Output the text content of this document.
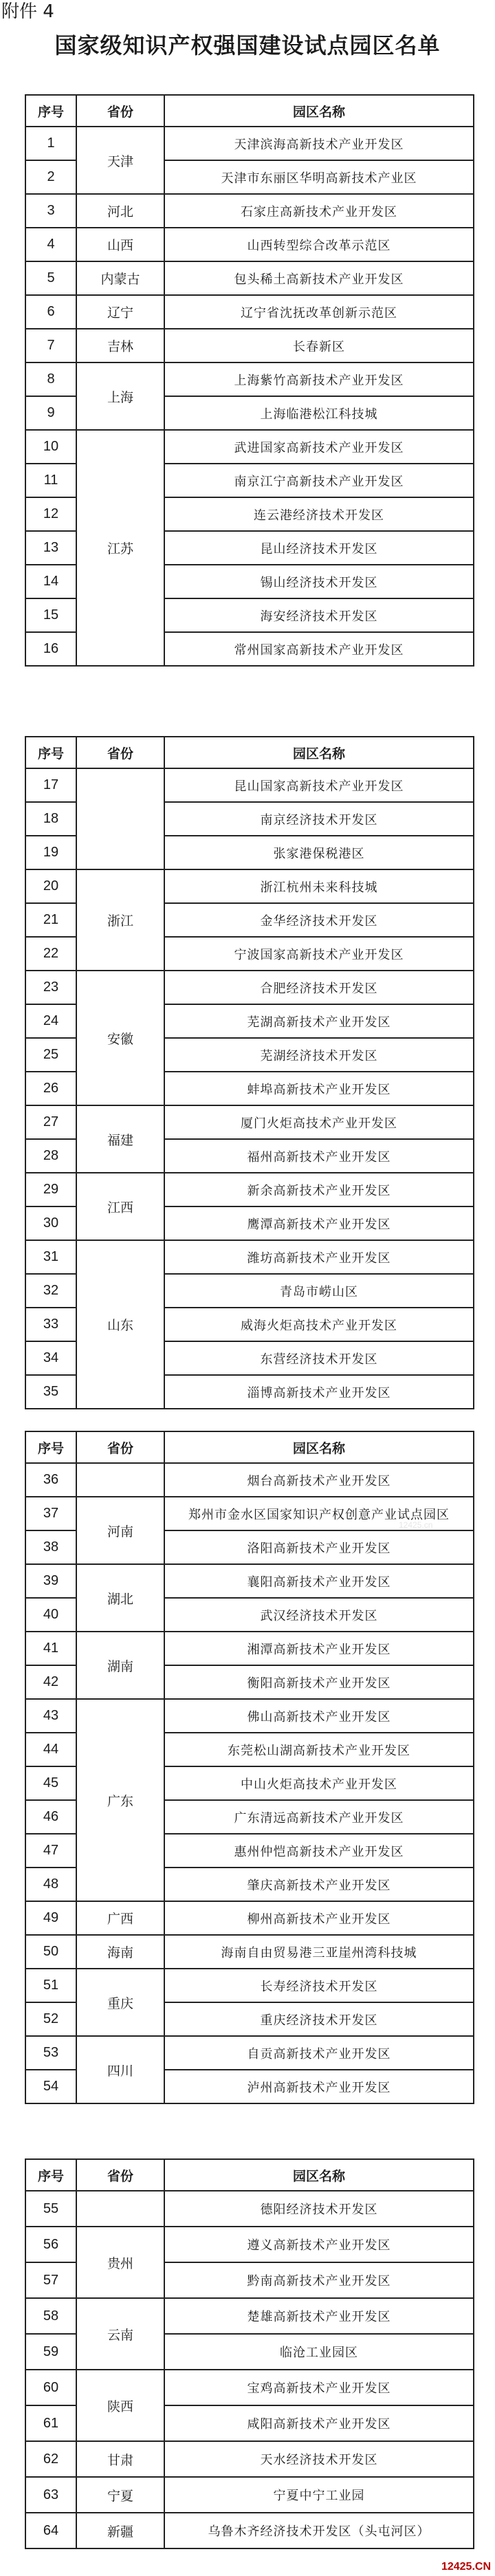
附件 4
国家级知识产权强国建设试点园区名单
序号	省份	园区名称
1	天津	天津滨海高新技术产业开发区
2		天津市东丽区华明高新技术产业区
3	河北	石家庄高新技术产业开发区
4	山西	山西转型综合改革示范区
5	内蒙古	包头稀土高新技术产业开发区
6	辽宁	辽宁省沈抚改革创新示范区
7	吉林	长春新区
8	上海	上海紫竹高新技术产业开发区
9		上海临港松江科技城
10	江苏	武进国家高新技术产业开发区
11		南京江宁高新技术产业开发区
12		连云港经济技术开发区
13		昆山经济技术开发区
14		锡山经济技术开发区
15		海安经济技术开发区
16		常州国家高新技术产业开发区
序号	省份	园区名称
17		昆山国家高新技术产业开发区
18		南京经济技术开发区
19		张家港保税港区
20	浙江	浙江杭州未来科技城
21		金华经济技术开发区
22		宁波国家高新技术产业开发区
23	安徽	合肥经济技术开发区
24		芜湖高新技术产业开发区
25		芜湖经济技术开发区
26		蚌埠高新技术产业开发区
27	福建	厦门火炬高技术产业开发区
28		福州高新技术产业开发区
29	江西	新余高新技术产业开发区
30		鹰潭高新技术产业开发区
31	山东	潍坊高新技术产业开发区
32		青岛市崂山区
33		威海火炬高技术产业开发区
34		东营经济技术开发区
35		淄博高新技术产业开发区
序号	省份	园区名称
36		烟台高新技术产业开发区
37	河南	郑州市金水区国家知识产权创意产业试点园区
38		洛阳高新技术产业开发区
39	湖北	襄阳高新技术产业开发区
40		武汉经济技术开发区
41	湖南	湘潭高新技术产业开发区
42		衡阳高新技术产业开发区
43	广东	佛山高新技术产业开发区
44		东莞松山湖高新技术产业开发区
45		中山火炬高技术产业开发区
46		广东清远高新技术产业开发区
47		惠州仲恺高新技术产业开发区
48		肇庆高新技术产业开发区
49	广西	柳州高新技术产业开发区
50	海南	海南自由贸易港三亚崖州湾科技城
51	重庆	长寿经济技术开发区
52		重庆经济技术开发区
53	四川	自贡高新技术产业开发区
54		泸州高新技术产业开发区
序号	省份	园区名称
55		德阳经济技术开发区
56	贵州	遵义高新技术产业开发区
57		黔南高新技术产业开发区
58	云南	楚雄高新技术产业开发区
59		临沧工业园区
60	陕西	宝鸡高新技术产业开发区
61		咸阳高新技术产业开发区
62	甘肃	天水经济技术开发区
63	宁夏	宁夏中宁工业园
64	新疆	乌鲁木齐经济技术开发区（头屯河区）
12425.cn
12425.CN
